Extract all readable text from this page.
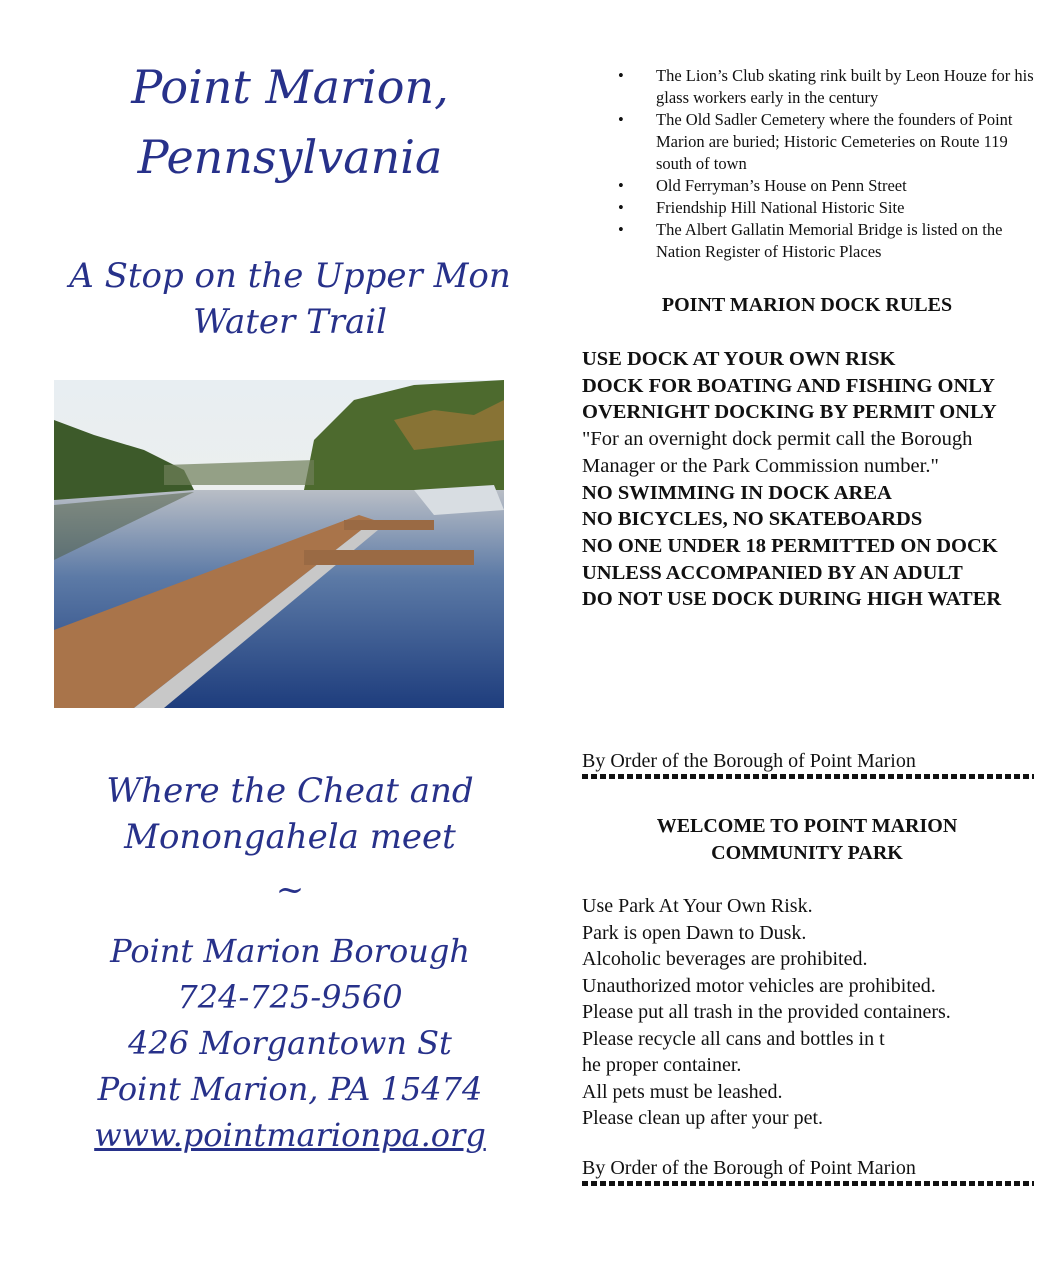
Point Marion,
Pennsylvania
A Stop on the Upper Mon
Water Trail
Where the Cheat and
Monongahela meet
~
Point Marion Borough
724-725-9560
426 Morgantown St
Point Marion, PA 15474
www.pointmarionpa.org
• The Lion’s Club skating rink built by Leon Houze for his glass workers early in the century
• The Old Sadler Cemetery where the founders of Point Marion are buried; Historic Cemeteries on Route 119 south of town
• Old Ferryman’s House on Penn Street
• Friendship Hill National Historic Site
• The Albert Gallatin Memorial Bridge is listed on the Nation Register of Historic Places
POINT MARION DOCK RULES
USE DOCK AT YOUR OWN RISK
DOCK FOR BOATING AND FISHING ONLY
OVERNIGHT DOCKING BY PERMIT ONLY
"For an overnight dock permit call the Borough Manager or the Park Commission number."
NO SWIMMING IN DOCK AREA
NO BICYCLES, NO SKATEBOARDS
NO ONE UNDER 18 PERMITTED ON DOCK UNLESS ACCOMPANIED BY AN ADULT
DO NOT USE DOCK DURING HIGH WATER
By Order of the Borough of Point Marion
WELCOME TO POINT MARION
COMMUNITY PARK
Use Park At Your Own Risk.
Park is open Dawn to Dusk.
Alcoholic beverages are prohibited.
Unauthorized motor vehicles are prohibited.
Please put all trash in the provided containers.
Please recycle all cans and bottles in t
he proper container.
All pets must be leashed.
Please clean up after your pet.
By Order of the Borough of Point Marion
